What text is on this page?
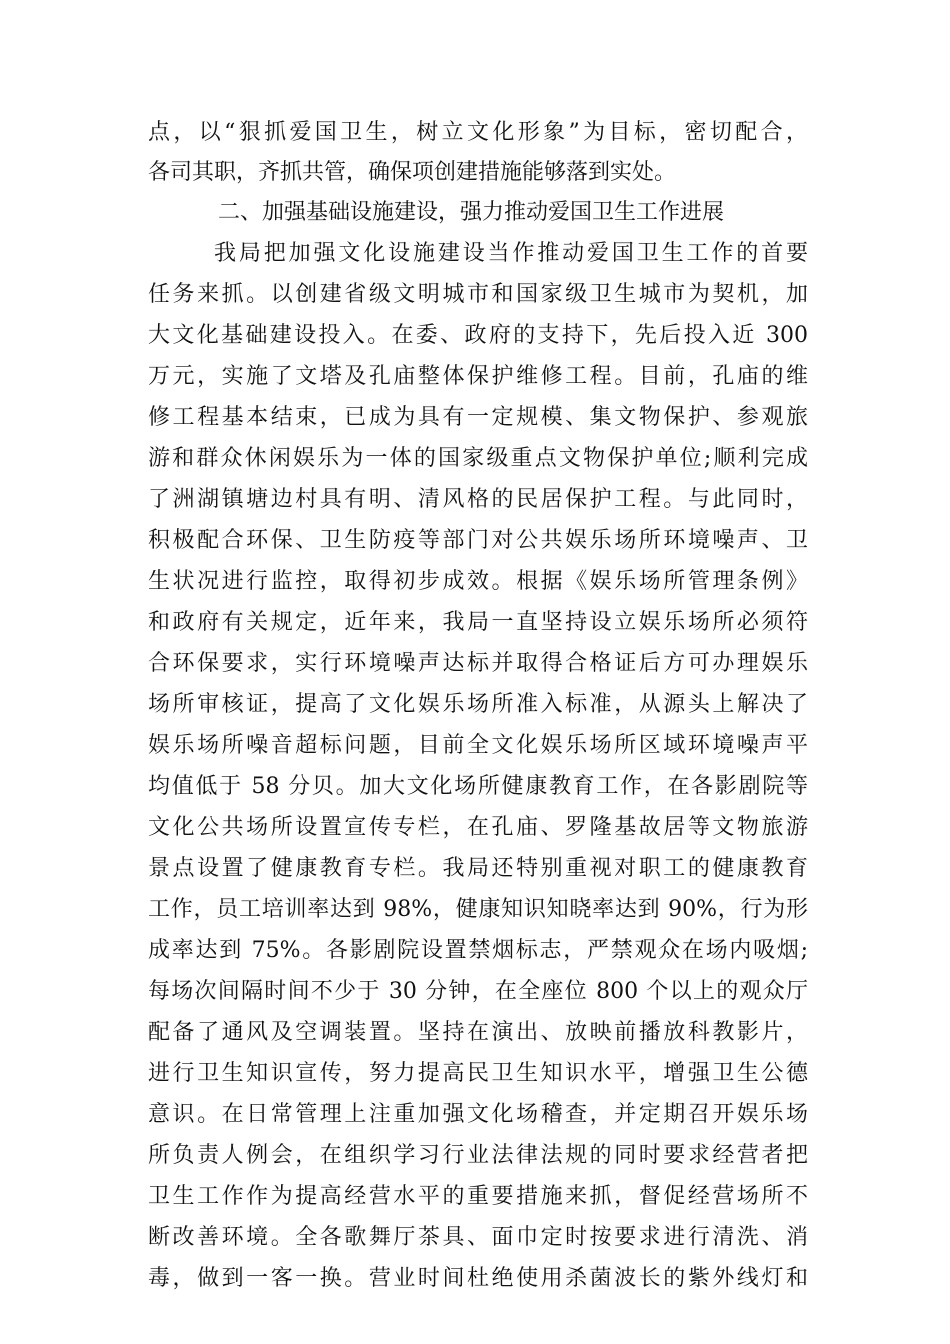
点，以“狠抓爱国卫生，树立文化形象”为目标，密切配合，
各司其职，齐抓共管，确保项创建措施能够落到实处。
二、加强基础设施建设，强力推动爱国卫生工作进展
我局把加强文化设施建设当作推动爱国卫生工作的首要
任务来抓。以创建省级文明城市和国家级卫生城市为契机，加
大文化基础建设投入。在委、政府的支持下，先后投入近 300
万元，实施了文塔及孔庙整体保护维修工程。目前，孔庙的维
修工程基本结束，已成为具有一定规模、集文物保护、参观旅
游和群众休闲娱乐为一体的国家级重点文物保护单位;顺利完成
了洲湖镇塘边村具有明、清风格的民居保护工程。与此同时，
积极配合环保、卫生防疫等部门对公共娱乐场所环境噪声、卫
生状况进行监控，取得初步成效。根据《娱乐场所管理条例》
和政府有关规定，近年来，我局一直坚持设立娱乐场所必须符
合环保要求，实行环境噪声达标并取得合格证后方可办理娱乐
场所审核证，提高了文化娱乐场所准入标准，从源头上解决了
娱乐场所噪音超标问题，目前全文化娱乐场所区域环境噪声平
均值低于 58 分贝。加大文化场所健康教育工作，在各影剧院等
文化公共场所设置宣传专栏，在孔庙、罗隆基故居等文物旅游
景点设置了健康教育专栏。我局还特别重视对职工的健康教育
工作，员工培训率达到 98%，健康知识知晓率达到 90%，行为形
成率达到 75%。各影剧院设置禁烟标志，严禁观众在场内吸烟;
每场次间隔时间不少于 30 分钟，在全座位 800 个以上的观众厅
配备了通风及空调装置。坚持在演出、放映前播放科教影片，
进行卫生知识宣传，努力提高民卫生知识水平，增强卫生公德
意识。在日常管理上注重加强文化场稽查，并定期召开娱乐场
所负责人例会，在组织学习行业法律法规的同时要求经营者把
卫生工作作为提高经营水平的重要措施来抓，督促经营场所不
断改善环境。全各歌舞厅茶具、面巾定时按要求进行清洗、消
毒，做到一客一换。营业时间杜绝使用杀菌波长的紫外线灯和
